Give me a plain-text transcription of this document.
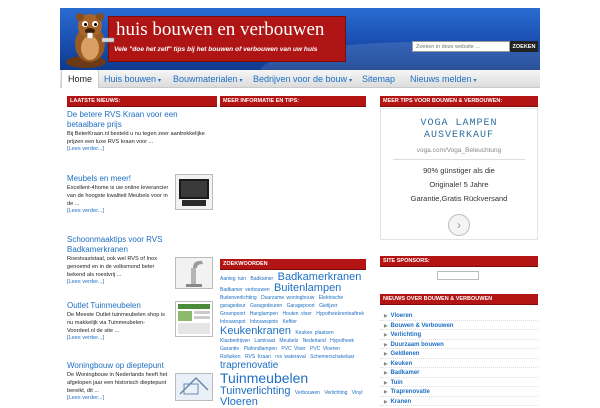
huis bouwen en verbouwen
Vele "doe het zelf" tips bij het bouwen of verbouwen van uw huis
Zoeken in deze website ...	ZOEKEN
Home	Huis bouwen ▾ Bouwmaterialen ▾ Bedrijven voor de bouw ▾ Sitemap Nieuws melden ▾
LAATSTE NIEUWS:
De betere RVS Kraan voor een betaalbare prijs
Bij BeterKraan.nl besteld u nu tegen zeer aantrekkelijke prijzen een luxe RVS kraan voor ...
[Lees verder...]
Meubels en meer!
Excellent-4home is uw online leverancier van de hoogste kwaliteit Meubels voor in de ...
[Lees verder...]
Schoonmaaktips voor RVS Badkamerkranen
Roestvaststaal, ook wel RVS of Inox genoemd en in de volksmond beter bekend als roestvrij ...
[Lees verder...]
Outlet Tuinmeubelen
De Meeste Outlet tuinmeubelen shop is nu makkelijk via Tuinmeubelen-Voordeel.nl de site ...
[Lees verder...]
Woningbouw op dieptepunt
De Woningbouw in Nederlands heeft het afgelopen jaar een historisch dieptepunt bereikt, dit ...
[Lees verder...]
MEER INFORMATIE EN TIPS:
ZOEKWOORDEN
Aanleg tuin Badkamer Badkamerkranen Badkamer verbouwen Buitenlampen Buitenverlichting Duurzame woningbouw Elektrische garagedeur Garagedeuren Garagepoort Gietijzer Groenpoort Hanglampen Houten vloer Hypotheekrenteaftrek Inbouwspot Inbouwspots Keftier Keukenkranen Keuken plaatsen Klasbedrijven Laminaat Meubels Nederland Hypotheek Garantie Plafondlampen PVC Vloer PVC Vloeren Rolluiken RVS Kraan rvs wateraval Schemerschakelaar traprenovatie Tuinmeubelen Tuinverlichting Verbouwen Verlichting Vinyl Vloeren
MEER TIPS VOOR BOUWEN & VERBOUWEN:
VOGA LAMPEN
AUSVERKAUF
voga.com/Voga_Beleuchtung
90% günstiger als die
Originale! 5 Jahre
Garantie,Gratis Rückversand
›
SITE SPONSORS:
NIEUWS OVER BOUWEN & VERBOUWEN
▶ Vloeren
▶ Bouwen & Verbouwen
▶ Verlichting
▶ Duurzaam bouwen
▶ Geldlenen
▶ Keuken
▶ Badkamer
▶ Tuin
▶ Traprenovatie
▶ Kranen
